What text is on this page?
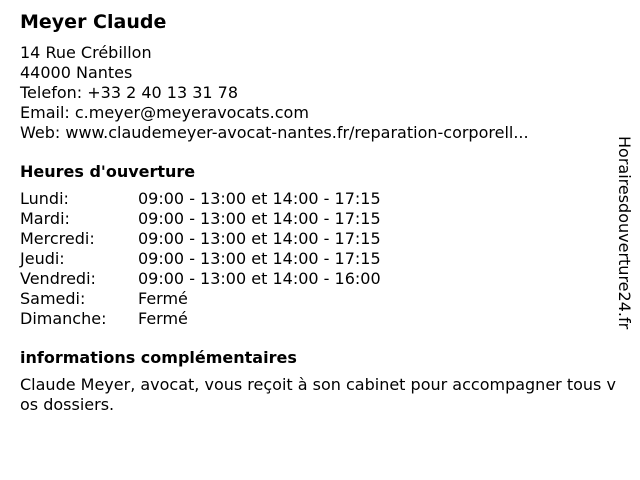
Meyer Claude
14 Rue Crébillon
44000 Nantes
Telefon: +33 2 40 13 31 78
Email: c.meyer@meyeravocats.com
Web: www.claudemeyer-avocat-nantes.fr/reparation-corporell...
Heures d'ouverture
Lundi:	09:00 - 13:00 et 14:00 - 17:15
Mardi:	09:00 - 13:00 et 14:00 - 17:15
Mercredi:	09:00 - 13:00 et 14:00 - 17:15
Jeudi:	09:00 - 13:00 et 14:00 - 17:15
Vendredi:	09:00 - 13:00 et 14:00 - 16:00
Samedi:	Fermé
Dimanche:	Fermé
informations complémentaires
Claude Meyer, avocat, vous reçoit à son cabinet pour accompagner tous vos dossiers.
Horairesdouverture24.fr
